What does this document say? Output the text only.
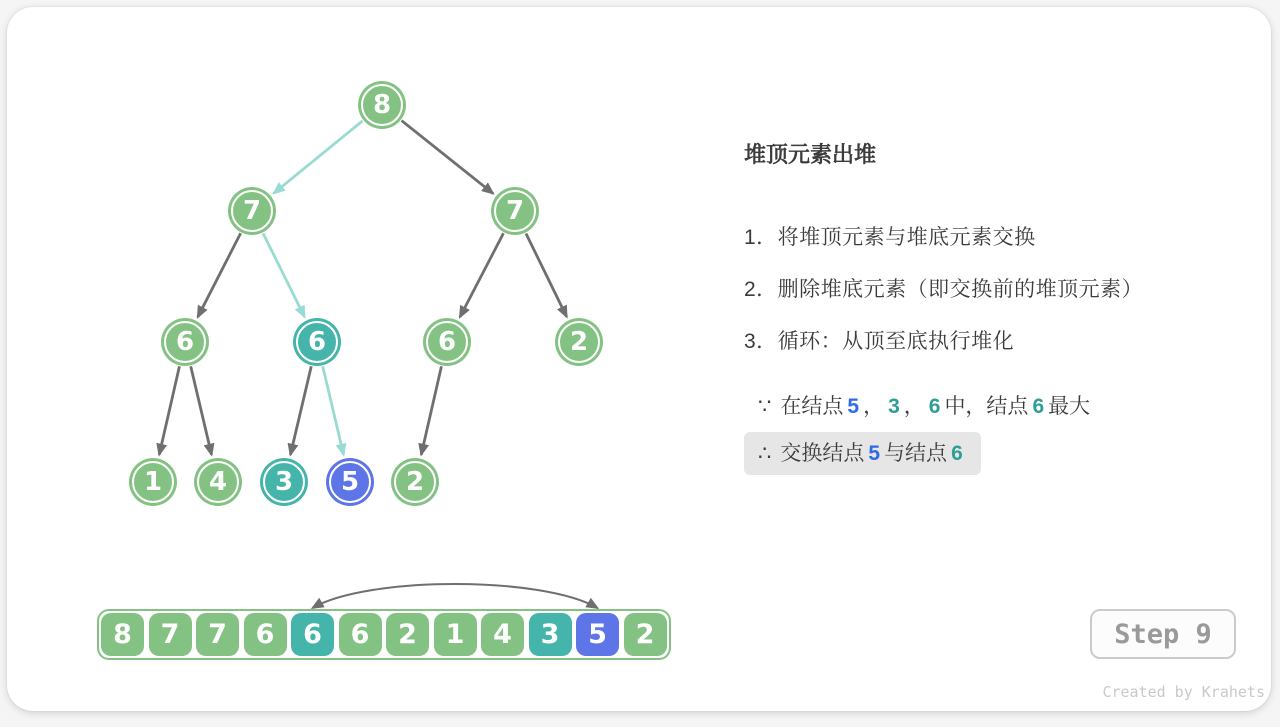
8
7	7
6	6	6	2
1	4	3	5	2
8	7	7	6	6	6	2	1	4	3	5	2
堆顶元素出堆
1．将堆顶元素与堆底元素交换
2．删除堆底元素（即交换前的堆顶元素）
3．循环：从顶至底执行堆化
∵ 在结点 5 ， 3 ， 6 中，结点 6 最大
∴ 交换结点 5 与结点 6
Step 9
Created by Krahets
